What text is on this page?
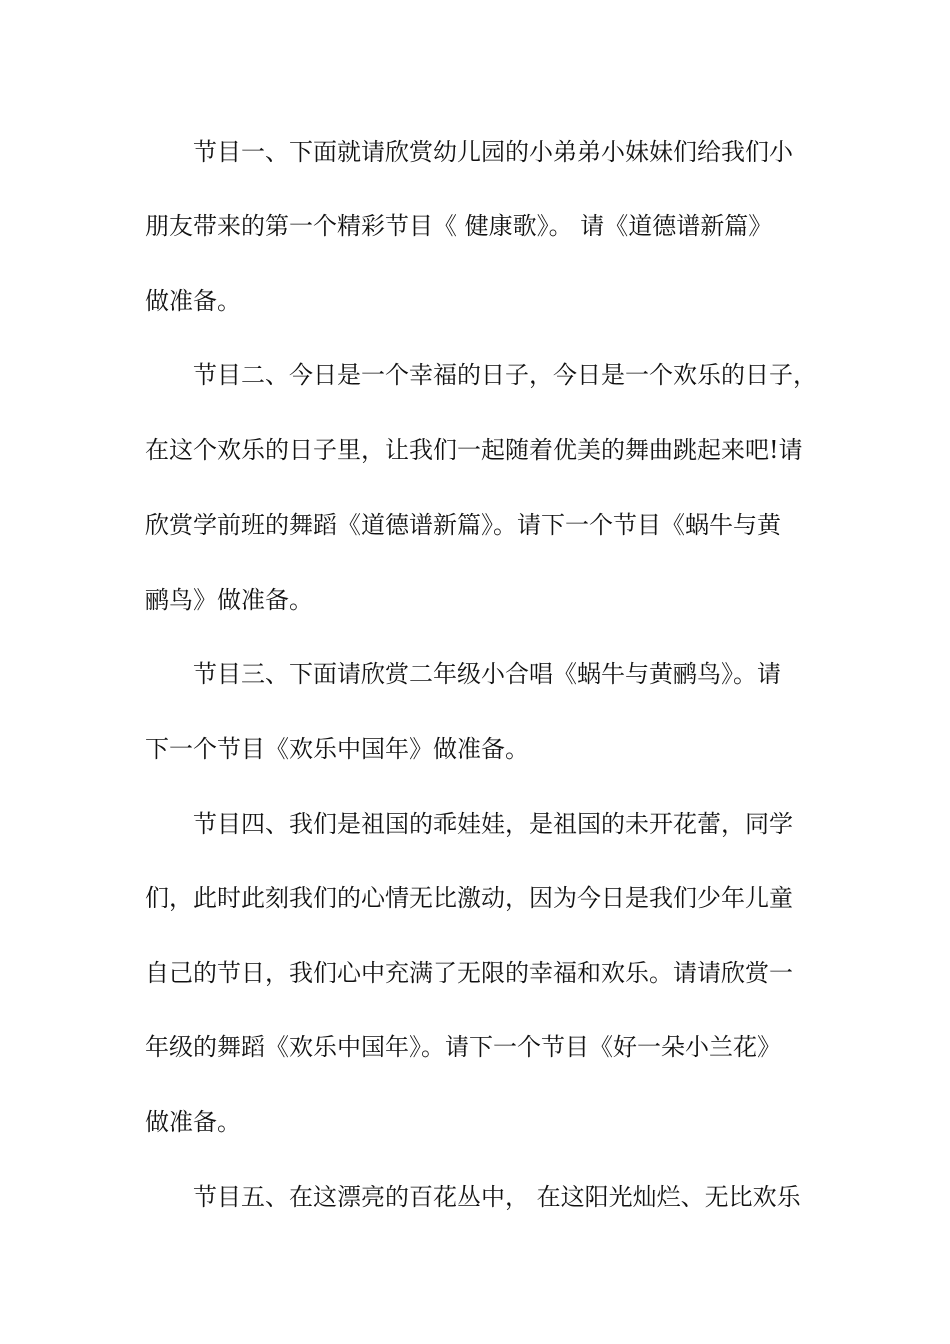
节目一、下面就请欣赏幼儿园的小弟弟小妹妹们给我们小
朋友带来的第一个精彩节目《 健康歌》。 请《道德谱新篇》
做准备。
节目二、今日是一个幸福的日子，今日是一个欢乐的日子，
在这个欢乐的日子里，让我们一起随着优美的舞曲跳起来吧!请
欣赏学前班的舞蹈《道德谱新篇》。请下一个节目《蜗牛与黄
鹂鸟》做准备。
节目三、下面请欣赏二年级小合唱《蜗牛与黄鹂鸟》。请
下一个节目《欢乐中国年》做准备。
节目四、我们是祖国的乖娃娃，是祖国的未开花蕾，同学
们，此时此刻我们的心情无比激动，因为今日是我们少年儿童
自己的节日，我们心中充满了无限的幸福和欢乐。请请欣赏一
年级的舞蹈《欢乐中国年》。请下一个节目《好一朵小兰花》
做准备。
节目五、在这漂亮的百花丛中， 在这阳光灿烂、无比欢乐
